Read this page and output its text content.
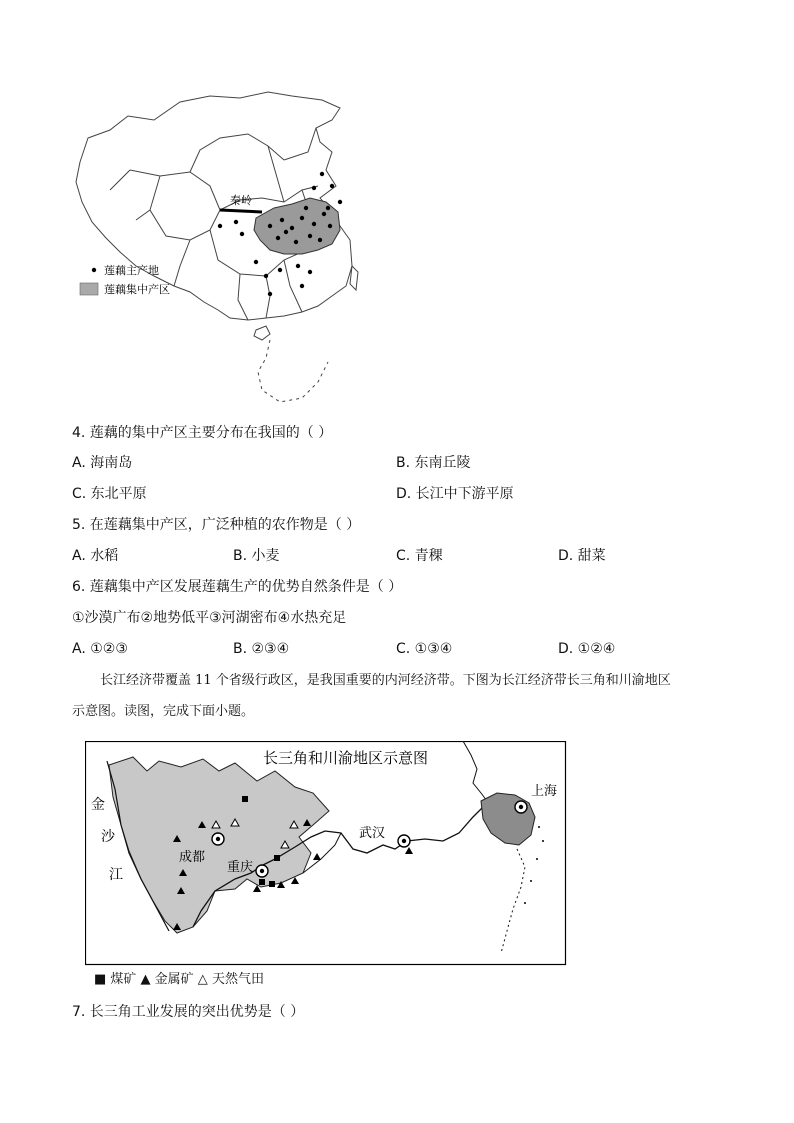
秦岭
莲藕主产地
莲藕集中产区
4. 莲藕的集中产区主要分布在我国的（ ）
A. 海南岛	B. 东南丘陵
C. 东北平原	D. 长江中下游平原
5. 在莲藕集中产区，广泛种植的农作物是（ ）
A. 水稻	B. 小麦	C. 青稞	D. 甜菜
6. 莲藕集中产区发展莲藕生产的优势自然条件是（ ）
①沙漠广布②地势低平③河湖密布④水热充足
A. ①②③	B. ②③④	C. ①③④	D. ①②④
长江经济带覆盖 11 个省级行政区，是我国重要的内河经济带。下图为长江经济带长三角和川渝地区
示意图。读图，完成下面小题。
长三角和川渝地区示意图
成都
重庆
武汉
上海
金
沙
江
■ 煤矿 ▲ 金属矿 △ 天然气田
7. 长三角工业发展的突出优势是（ ）
